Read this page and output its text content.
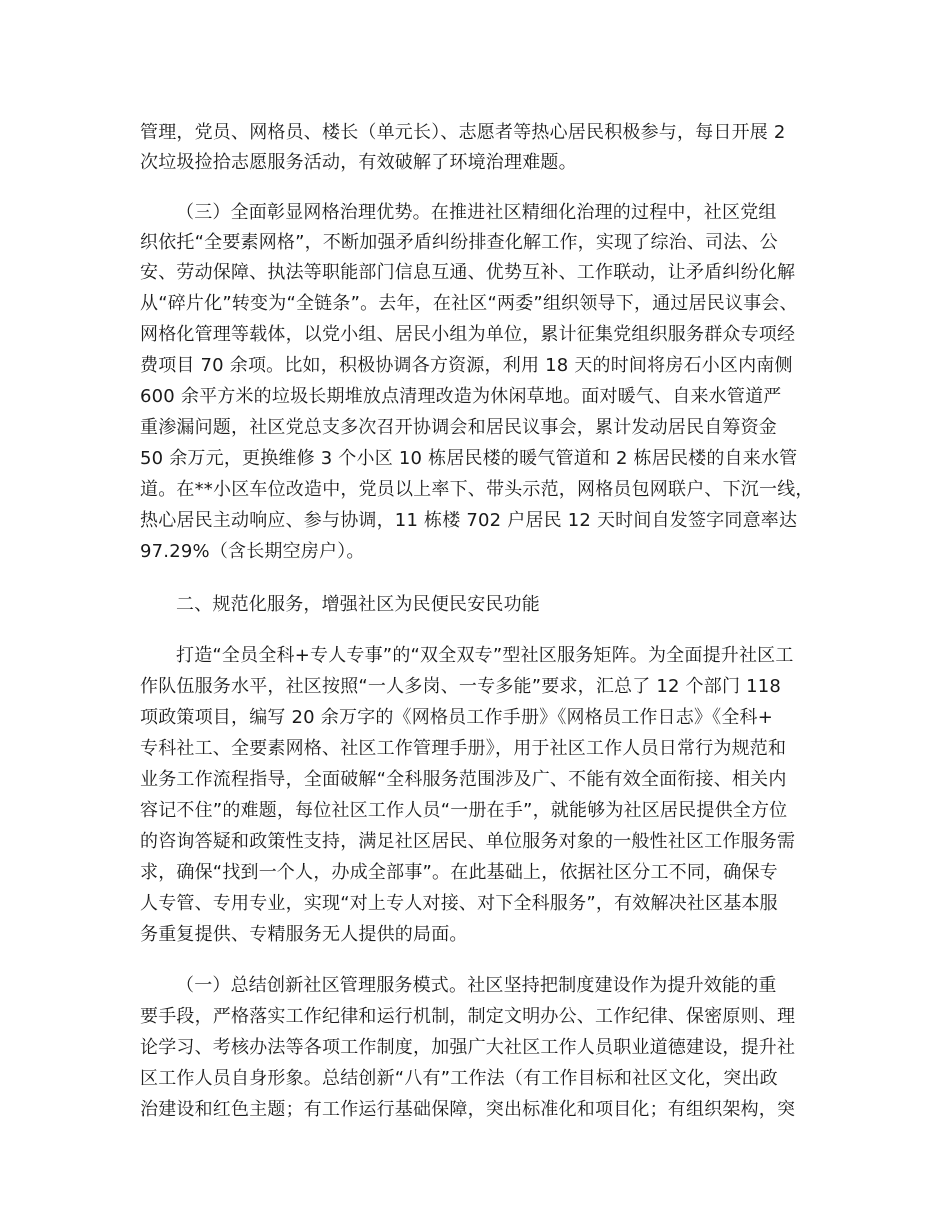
管理，党员、网格员、楼长（单元长）、志愿者等热心居民积极参与，每日开展 2
次垃圾捡拾志愿服务活动，有效破解了环境治理难题。
（三）全面彰显网格治理优势。在推进社区精细化治理的过程中，社区党组
织依托“全要素网格”，不断加强矛盾纠纷排查化解工作，实现了综治、司法、公
安、劳动保障、执法等职能部门信息互通、优势互补、工作联动，让矛盾纠纷化解
从“碎片化”转变为“全链条”。去年，在社区“两委”组织领导下，通过居民议事会、
网格化管理等载体，以党小组、居民小组为单位，累计征集党组织服务群众专项经
费项目 70 余项。比如，积极协调各方资源，利用 18 天的时间将房石小区内南侧
600 余平方米的垃圾长期堆放点清理改造为休闲草地。面对暖气、自来水管道严
重渗漏问题，社区党总支多次召开协调会和居民议事会，累计发动居民自筹资金
50 余万元，更换维修 3 个小区 10 栋居民楼的暖气管道和 2 栋居民楼的自来水管
道。在**小区车位改造中，党员以上率下、带头示范，网格员包网联户、下沉一线，
热心居民主动响应、参与协调，11 栋楼 702 户居民 12 天时间自发签字同意率达
97.29%（含长期空房户）。
二、规范化服务，增强社区为民便民安民功能
打造“全员全科+专人专事”的“双全双专”型社区服务矩阵。为全面提升社区工
作队伍服务水平，社区按照“一人多岗、一专多能”要求，汇总了 12 个部门 118
项政策项目，编写 20 余万字的《网格员工作手册》《网格员工作日志》《全科+
专科社工、全要素网格、社区工作管理手册》，用于社区工作人员日常行为规范和
业务工作流程指导，全面破解“全科服务范围涉及广、不能有效全面衔接、相关内
容记不住”的难题，每位社区工作人员“一册在手”，就能够为社区居民提供全方位
的咨询答疑和政策性支持，满足社区居民、单位服务对象的一般性社区工作服务需
求，确保“找到一个人，办成全部事”。在此基础上，依据社区分工不同，确保专
人专管、专用专业，实现“对上专人对接、对下全科服务”，有效解决社区基本服
务重复提供、专精服务无人提供的局面。
（一）总结创新社区管理服务模式。社区坚持把制度建设作为提升效能的重
要手段，严格落实工作纪律和运行机制，制定文明办公、工作纪律、保密原则、理
论学习、考核办法等各项工作制度，加强广大社区工作人员职业道德建设，提升社
区工作人员自身形象。总结创新“八有”工作法（有工作目标和社区文化，突出政
治建设和红色主题；有工作运行基础保障，突出标准化和项目化；有组织架构，突
